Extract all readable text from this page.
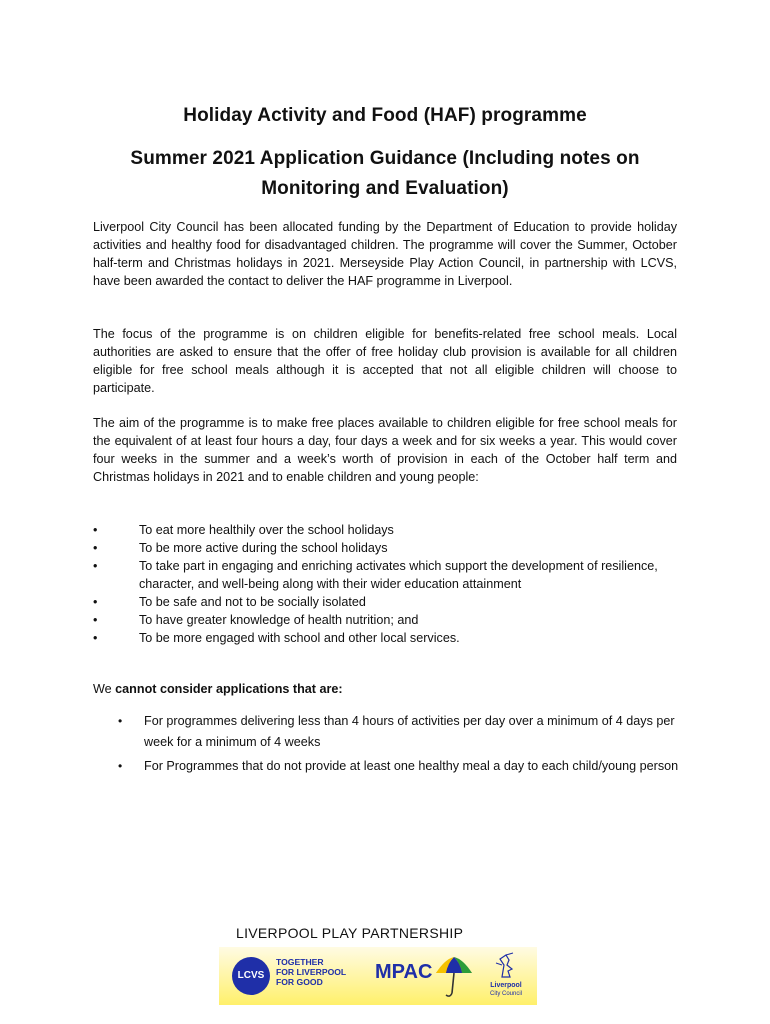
Holiday Activity and Food (HAF) programme
Summer 2021 Application Guidance (Including notes on
Monitoring and Evaluation)
Liverpool City Council has been allocated funding by the Department of Education to provide holiday activities and healthy food for disadvantaged children. The programme will cover the Summer, October half-term and Christmas holidays in 2021. Merseyside Play Action Council, in partnership with LCVS, have been awarded the contact to deliver the HAF programme in Liverpool.
The focus of the programme is on children eligible for benefits-related free school meals. Local authorities are asked to ensure that the offer of free holiday club provision is available for all children eligible for free school meals although it is accepted that not all eligible children will choose to participate.
The aim of the programme is to make free places available to children eligible for free school meals for the equivalent of at least four hours a day, four days a week and for six weeks a year. This would cover four weeks in the summer and a week’s worth of provision in each of the October half term and Christmas holidays in 2021 and to enable children and young people:
•	To eat more healthily over the school holidays
•	To be more active during the school holidays
•	To take part in engaging and enriching activates which support the development of resilience, character, and well-being along with their wider education attainment
•	To be safe and not to be socially isolated
•	To have greater knowledge of health nutrition; and
•	To be more engaged with school and other local services.
We cannot consider applications that are:
• For programmes delivering less than 4 hours of activities per day over a minimum of 4 days per week for a minimum of 4 weeks
• For Programmes that do not provide at least one healthy meal a day to each child/young person
LIVERPOOL PLAY PARTNERSHIP
LCVS
TOGETHER
FOR LIVERPOOL
FOR GOOD	MPAC
Liverpool
City Council
